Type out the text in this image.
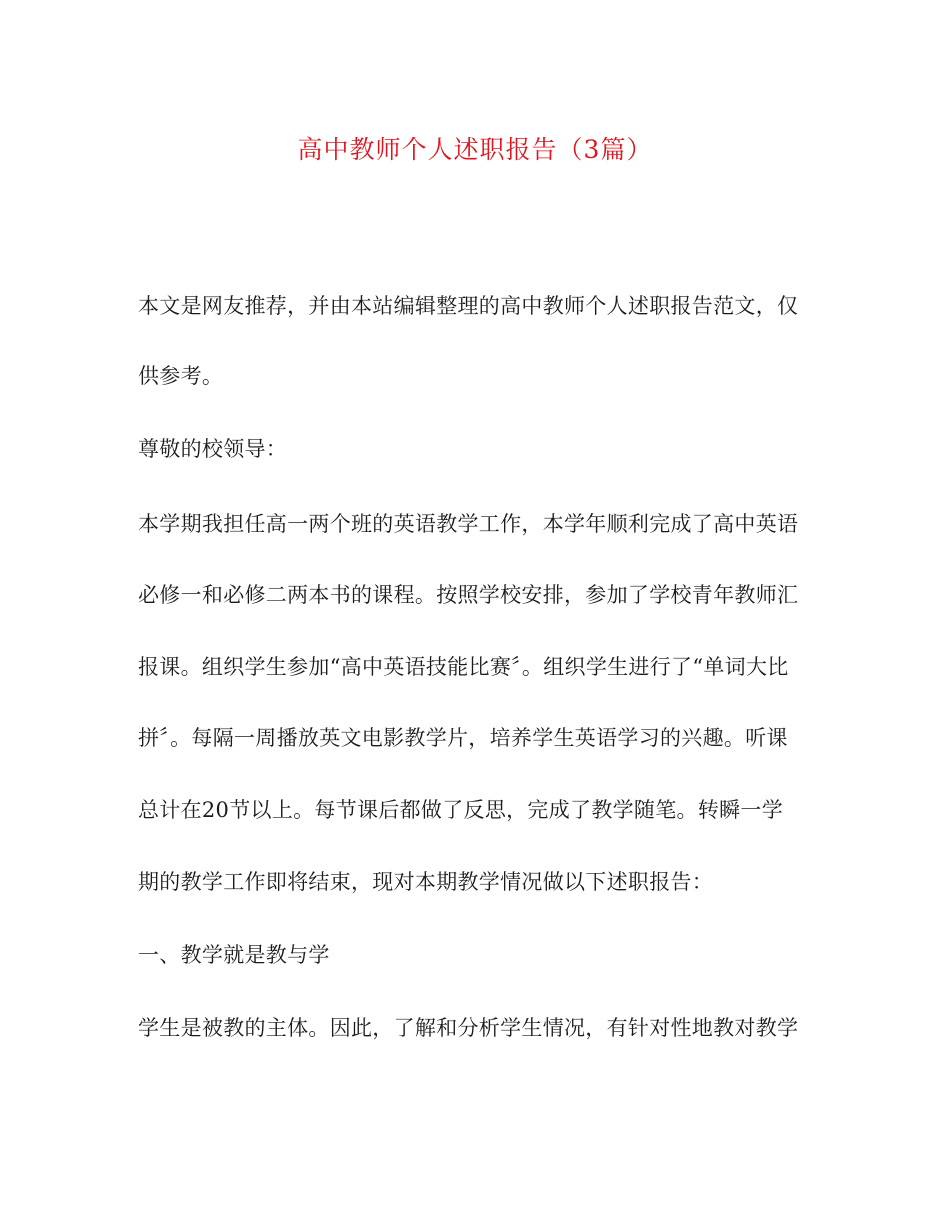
高中教师个人述职报告（3篇）

本文是网友推荐，并由本站编辑整理的高中教师个人述职报告范文，仅

供参考。

尊敬的校领导：

本学期我担任高一两个班的英语教学工作，本学年顺利完成了高中英语

必修一和必修二两本书的课程。按照学校安排，参加了学校青年教师汇

报课。组织学生参加“高中英语技能比赛〞。组织学生进行了“单词大比

拼〞。每隔一周播放英文电影教学片，培养学生英语学习的兴趣。听课

总计在20节以上。每节课后都做了反思，完成了教学随笔。转瞬一学

期的教学工作即将结束，现对本期教学情况做以下述职报告：

一、教学就是教与学

学生是被教的主体。因此，了解和分析学生情况，有针对性地教对教学
